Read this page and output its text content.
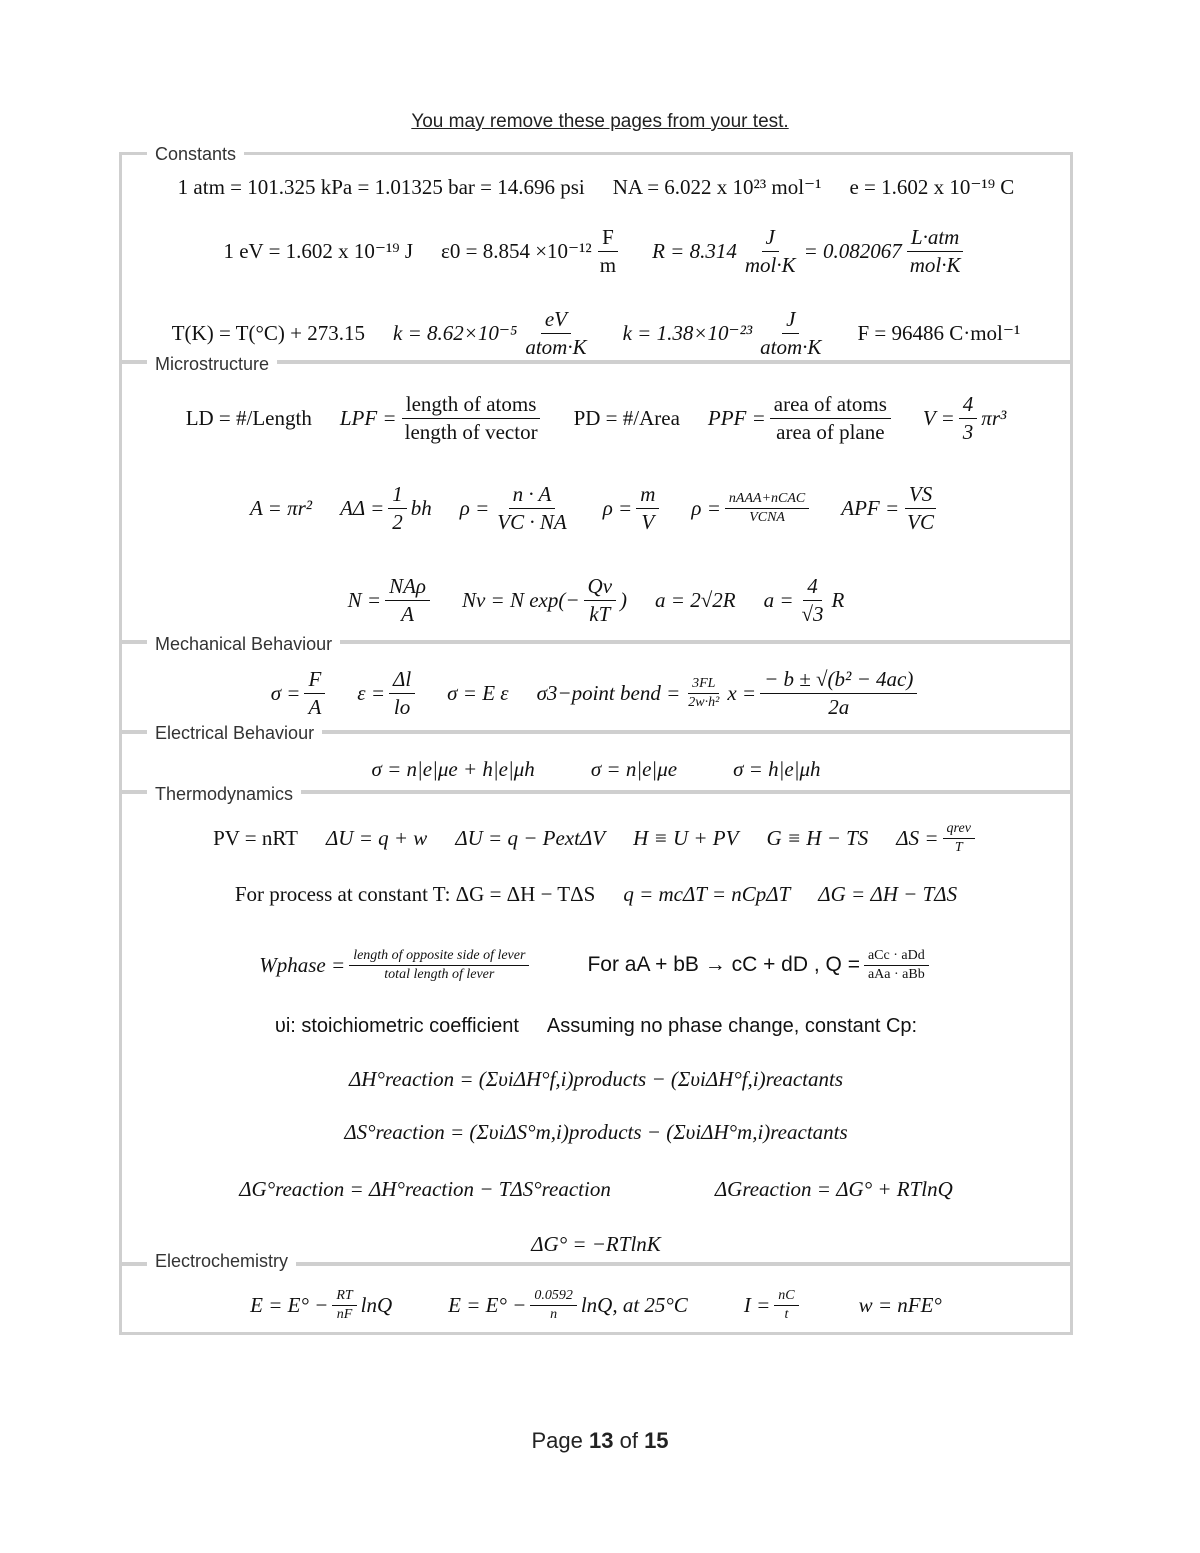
You may remove these pages from your test.
Constants
Microstructure
Mechanical Behaviour
Electrical Behaviour
Thermodynamics
Electrochemistry
1 atm = 101.325 kPa = 1.01325 bar = 14.696 psi NA = 6.022 x 10²³ mol⁻¹ e = 1.602 x 10⁻¹⁹ C
1 eV = 1.602 x 10⁻¹⁹ J $\varepsilon 0 = 8.854 \times 10^{-12} \frac{F}{m}$ $R = 8.314 \frac{J}{\text{mol·K}} = 0.082067 \frac{\text{L·atm}}{\text{mol·K}}$
T(K) = T(°C) + 273.15 $k = 8.62\times 10^{-5} \frac{eV}{\text{atom·K}}$ $k = 1.38\times 10^{-23} \frac{J}{\text{atom·K}}$ F = 96486 C·mol⁻¹
LD = #/Length LPF = $\frac{\text{length of atoms}}{\text{length of vector}}$ PD = #/Area PPF = $\frac{\text{area of atoms}}{\text{area of plane}}$ $V = \frac{4}{3} \pi r^3$
A = πr² $A\Delta = \frac{1}{2}$ bh $\rho = \frac{n \cdot A}{VC \cdot NA}$ $\rho = \frac{m}{V}$ $\rho = \frac{\text{nAAA+nCAC}}{\text{VCNA}}$ APF = $\frac{VS}{VC}$
$N = \frac{\text{NAρ}}{A}$ Nv = N $\exp(- \frac{Qv}{kT}$ ) a = 2√2R $a = \frac{4}{√3}$ R
$\sigma = \frac{F}{A}$ $\varepsilon = \frac{\Delta l}{lo}$ σ = E ε σ3−point bend = $\frac{3FL}{\text{2w·h²}}$ $x = \frac{\text{− b ± √(b² − 4ac)}}{2a}$
σ = n|e|μe + h|e|μh	σ = n|e|μe	σ = h|e|μh
PV = nRT ΔU = q + w ΔU = q − PextΔV H ≡ U + PV G ≡ H − TS $\Delta S = \frac{\text{qrev}}{T}$
For process at constant T: ΔG = ΔH − TΔS q = mcΔT = nCpΔT ΔG = ΔH − TΔS
Wphase = $\frac{\text{length of opposite side of lever}}{\text{total length of lever}}$	For aA + bB → cC + dD , $Q = \frac{\text{aCc · aDd}}{\text{aAa · aBb}}$
υi: stoichiometric coefficient Assuming no phase change, constant Cp:
ΔH°reaction = (ΣυiΔH°f,i)products − (ΣυiΔH°f,i)reactants
ΔS°reaction = (ΣυiΔS°m,i)products − (ΣυiΔH°m,i)reactants
ΔG°reaction = ΔH°reaction − TΔS°reaction	ΔGreaction = ΔG° + RTlnQ
ΔG° = −RTlnK
$E = E^\circ - \frac{RT}{nF}$ lnQ	$E = E^\circ - \frac{0.0592}{n} \ln Q$, at 25°C	$I = \frac{nC}{t}$	w = nFE°
Page 13 of 15
